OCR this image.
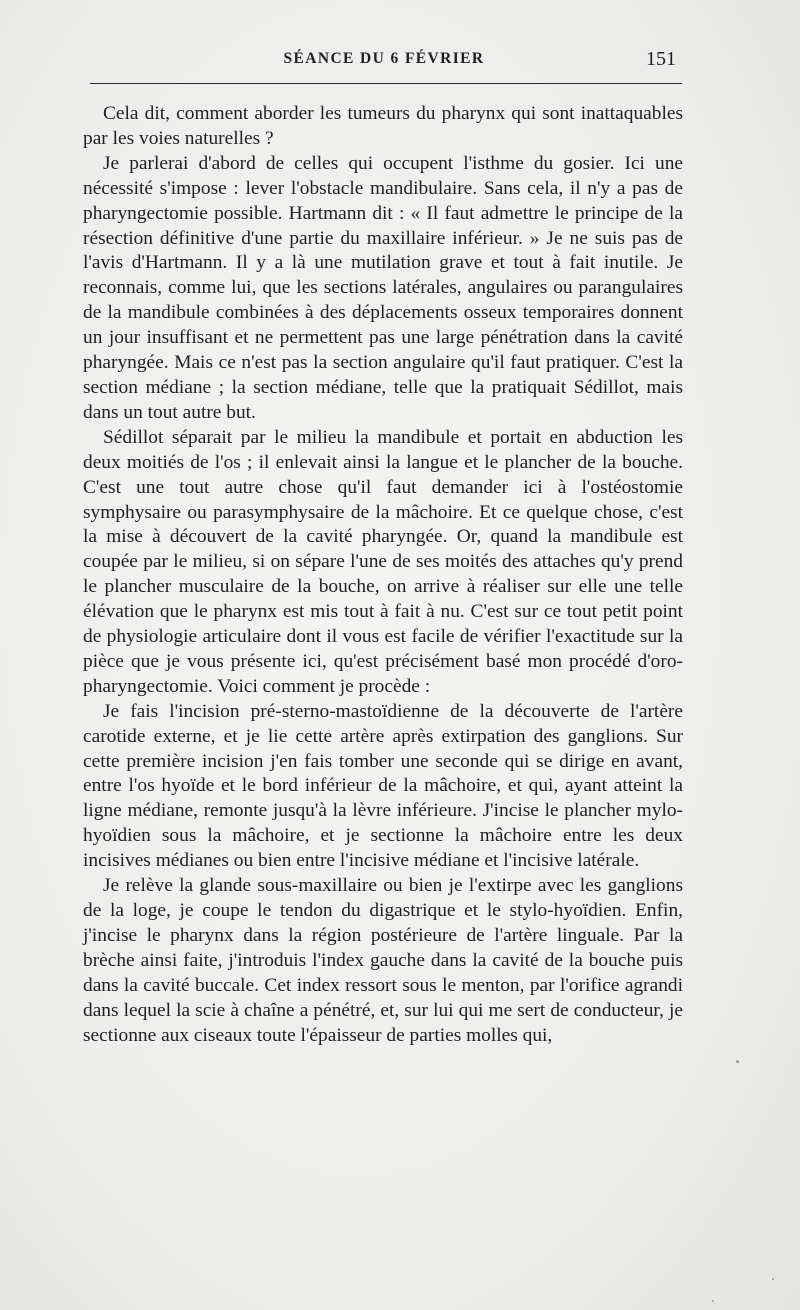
SÉANCE DU 6 FÉVRIER	151

Cela dit, comment aborder les tumeurs du pharynx qui sont inattaquables par les voies naturelles ?

Je parlerai d'abord de celles qui occupent l'isthme du gosier. Ici une nécessité s'impose : lever l'obstacle mandibulaire. Sans cela, il n'y a pas de pharyngectomie possible. Hartmann dit : « Il faut admettre le principe de la résection définitive d'une partie du maxillaire inférieur. » Je ne suis pas de l'avis d'Hartmann. Il y a là une mutilation grave et tout à fait inutile. Je reconnais, comme lui, que les sections latérales, angulaires ou parangulaires de la mandibule combinées à des déplacements osseux temporaires donnent un jour insuffisant et ne permettent pas une large pénétration dans la cavité pharyngée. Mais ce n'est pas la section angulaire qu'il faut pratiquer. C'est la section médiane ; la section médiane, telle que la pratiquait Sédillot, mais dans un tout autre but.

Sédillot séparait par le milieu la mandibule et portait en abduction les deux moitiés de l'os ; il enlevait ainsi la langue et le plancher de la bouche. C'est une tout autre chose qu'il faut demander ici à l'ostéostomie symphysaire ou parasymphysaire de la mâchoire. Et ce quelque chose, c'est la mise à découvert de la cavité pharyngée. Or, quand la mandibule est coupée par le milieu, si on sépare l'une de ses moités des attaches qu'y prend le plancher musculaire de la bouche, on arrive à réaliser sur elle une telle élévation que le pharynx est mis tout à fait à nu. C'est sur ce tout petit point de physiologie articulaire dont il vous est facile de vérifier l'exactitude sur la pièce que je vous présente ici, qu'est précisément basé mon procédé d'oro-pharyngectomie. Voici comment je procède :

Je fais l'incision pré-sterno-mastoïdienne de la découverte de l'artère carotide externe, et je lie cette artère après extirpation des ganglions. Sur cette première incision j'en fais tomber une seconde qui se dirige en avant, entre l'os hyoïde et le bord inférieur de la mâchoire, et qui, ayant atteint la ligne médiane, remonte jusqu'à la lèvre inférieure. J'incise le plancher mylo-hyoïdien sous la mâchoire, et je sectionne la mâchoire entre les deux incisives médianes ou bien entre l'incisive médiane et l'incisive latérale.

Je relève la glande sous-maxillaire ou bien je l'extirpe avec les ganglions de la loge, je coupe le tendon du digastrique et le stylo-hyoïdien. Enfin, j'incise le pharynx dans la région postérieure de l'artère linguale. Par la brèche ainsi faite, j'introduis l'index gauche dans la cavité de la bouche puis dans la cavité buccale. Cet index ressort sous le menton, par l'orifice agrandi dans lequel la scie à chaîne a pénétré, et, sur lui qui me sert de conducteur, je sectionne aux ciseaux toute l'épaisseur de parties molles qui,
